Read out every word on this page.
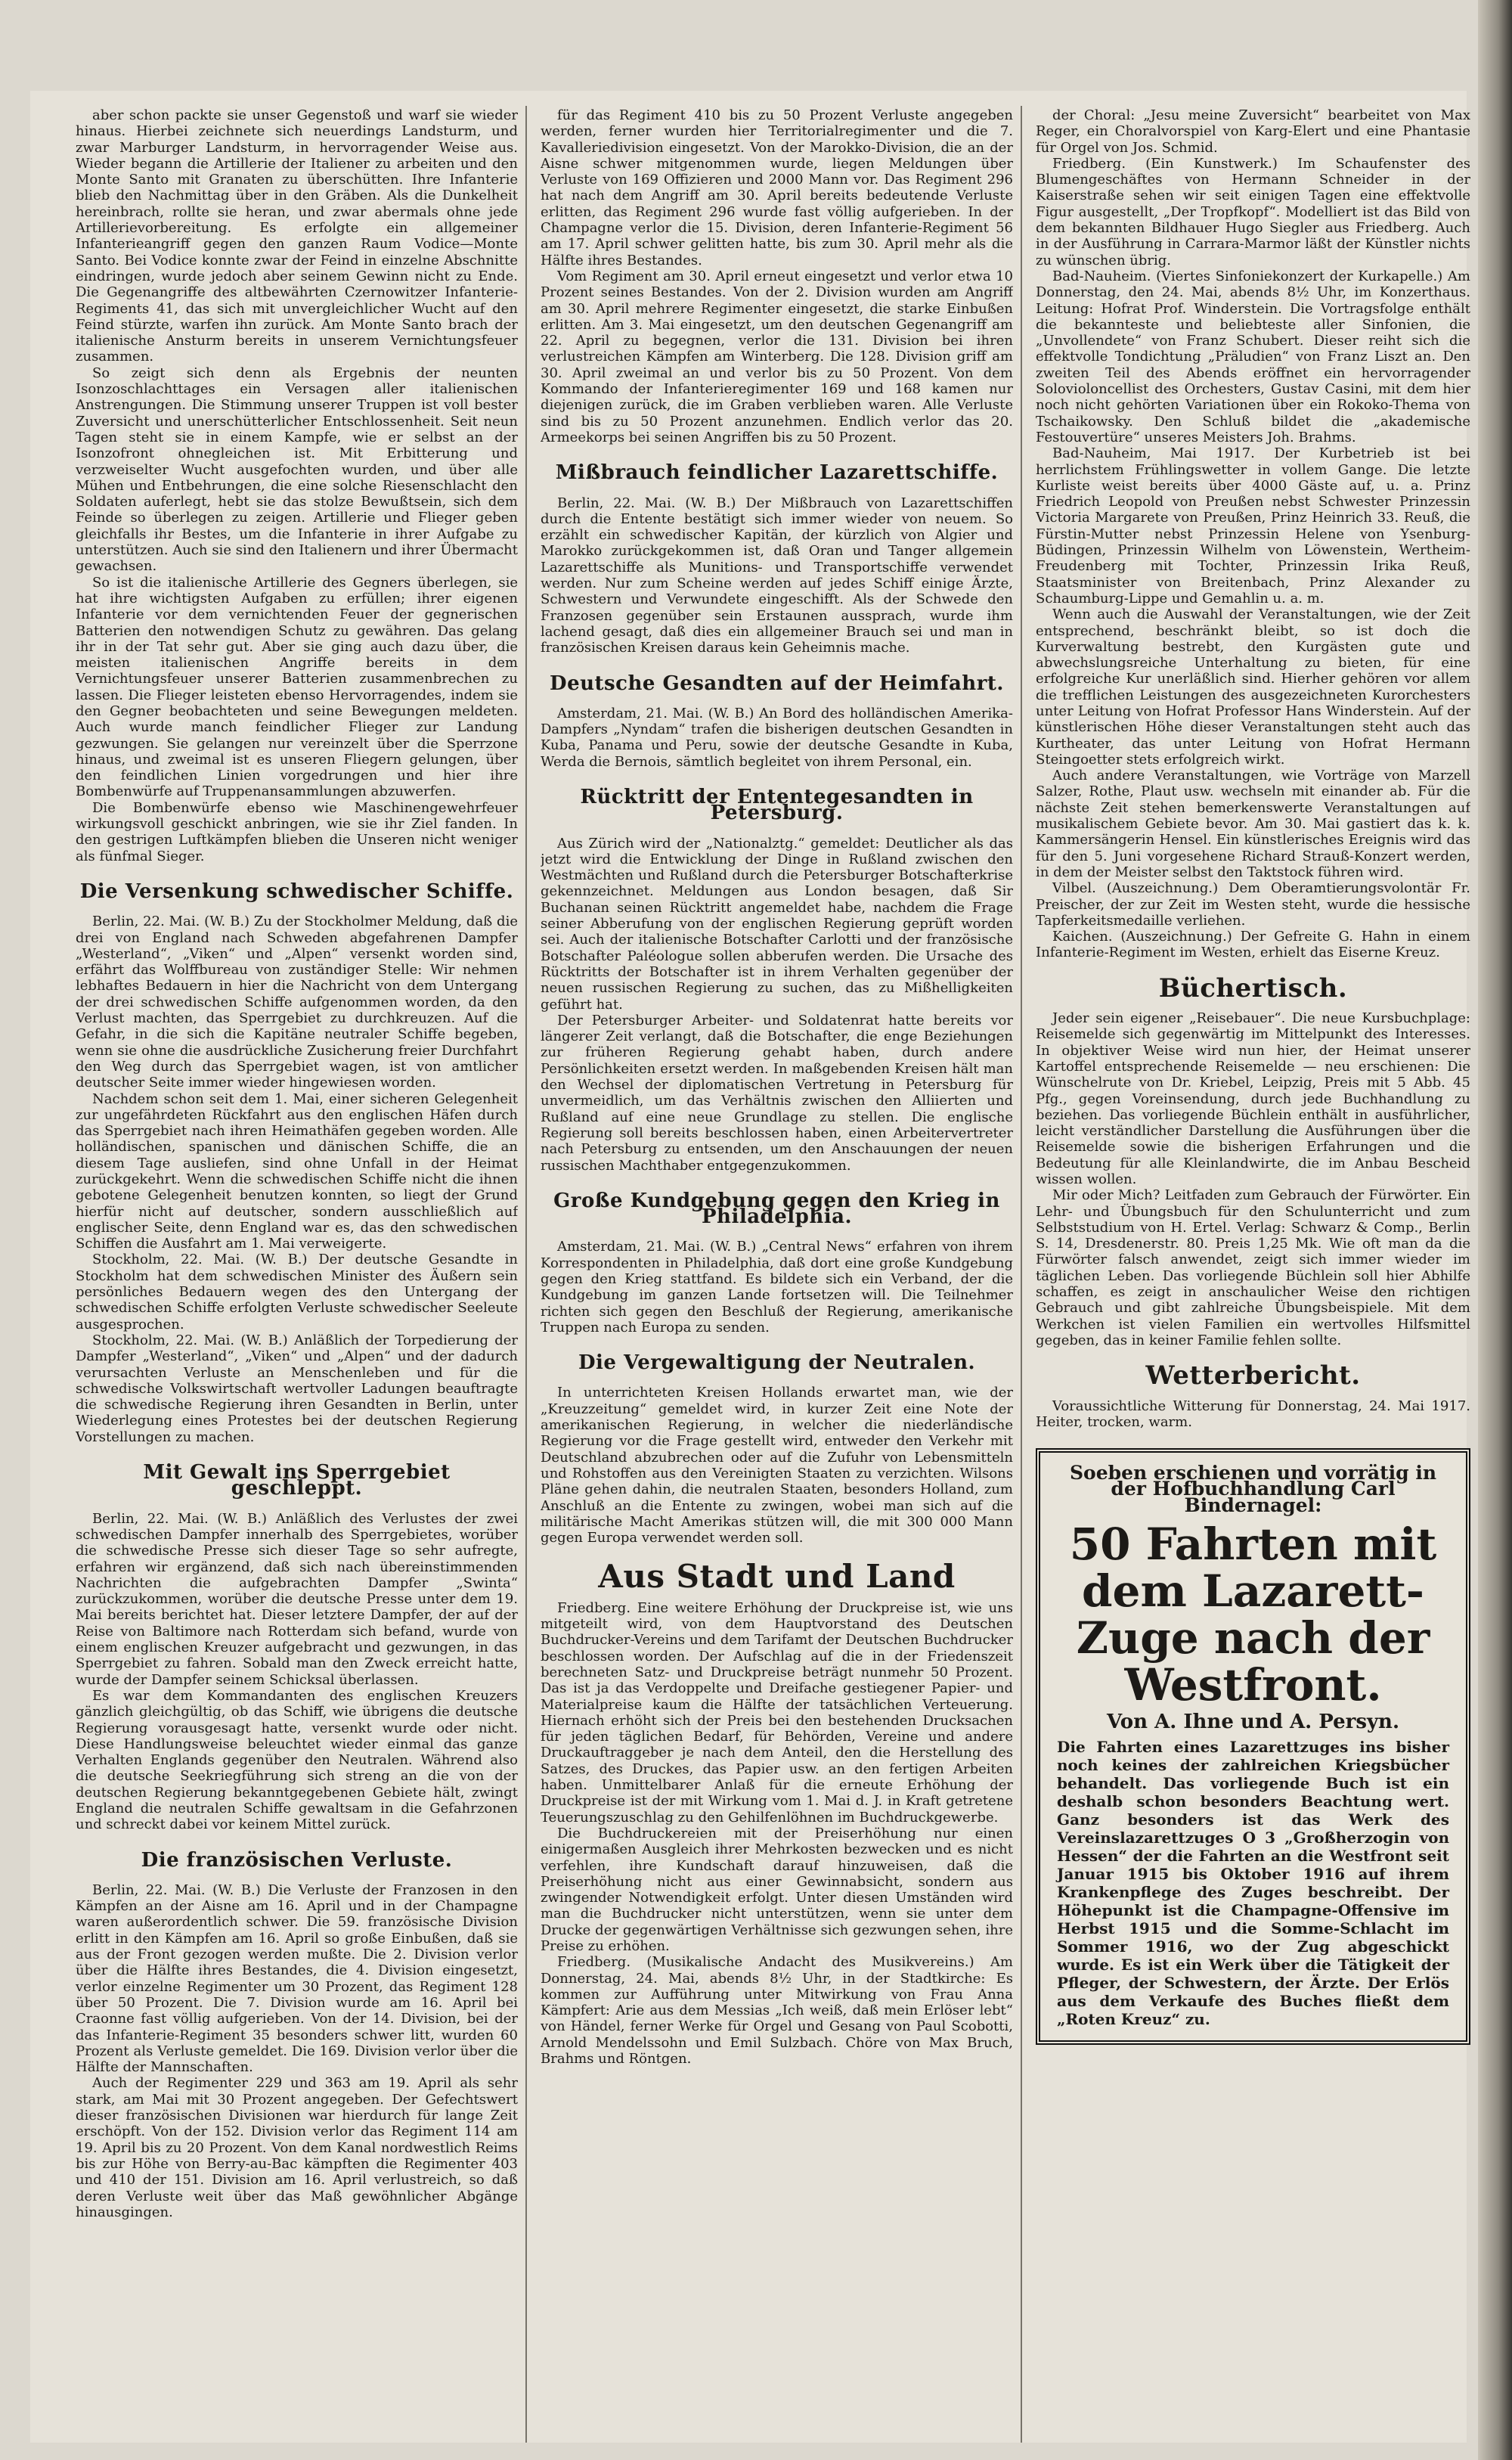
aber schon packte sie unser Gegenstoß und warf sie wieder hinaus. Hierbei zeichnete sich neuerdings Landsturm, und zwar Marburger Landsturm, in hervorragender Weise aus. Wieder begann die Artillerie der Italiener zu arbeiten und den Monte Santo mit Granaten zu überschütten. Ihre Infanterie blieb den Nachmittag über in den Gräben. Als die Dunkelheit hereinbrach, rollte sie heran, und zwar abermals ohne jede Artillerievorbereitung. Es erfolgte ein allgemeiner Infanterieangriff gegen den ganzen Raum Vodice—Monte Santo. Bei Vodice konnte zwar der Feind in einzelne Abschnitte eindringen, wurde jedoch aber seinem Gewinn nicht zu Ende. Die Gegenangriffe des altbewährten Czernowitzer Infanterie-Regiments 41, das sich mit unvergleichlicher Wucht auf den Feind stürzte, warfen ihn zurück. Am Monte Santo brach der italienische Ansturm bereits in unserem Vernichtungsfeuer zusammen.

So zeigt sich denn als Ergebnis der neunten Isonzoschlachttages ein Versagen aller italienischen Anstrengungen. Die Stimmung unserer Truppen ist voll bester Zuversicht und unerschütterlicher Entschlossenheit. Seit neun Tagen steht sie in einem Kampfe, wie er selbst an der Isonzofront ohnegleichen ist. Mit Erbitterung und verzweiselter Wucht ausgefochten wurden, und über alle Mühen und Entbehrungen, die eine solche Riesenschlacht den Soldaten auferlegt, hebt sie das stolze Bewußtsein, sich dem Feinde so überlegen zu zeigen. Artillerie und Flieger geben gleichfalls ihr Bestes, um die Infanterie in ihrer Aufgabe zu unterstützen. Auch sie sind den Italienern und ihrer Übermacht gewachsen.

So ist die italienische Artillerie des Gegners überlegen, sie hat ihre wichtigsten Aufgaben zu erfüllen; ihrer eigenen Infanterie vor dem vernichtenden Feuer der gegnerischen Batterien den notwendigen Schutz zu gewähren. Das gelang ihr in der Tat sehr gut. Aber sie ging auch dazu über, die meisten italienischen Angriffe bereits in dem Vernichtungsfeuer unserer Batterien zusammenbrechen zu lassen. Die Flieger leisteten ebenso Hervorragendes, indem sie den Gegner beobachteten und seine Bewegungen meldeten. Auch wurde manch feindlicher Flieger zur Landung gezwungen. Sie gelangen nur vereinzelt über die Sperrzone hinaus, und zweimal ist es unseren Fliegern gelungen, über den feindlichen Linien vorgedrungen und hier ihre Bombenwürfe auf Truppenansammlungen abzuwerfen.

Die Bombenwürfe ebenso wie Maschinengewehrfeuer wirkungsvoll geschickt anbringen, wie sie ihr Ziel fanden. In den gestrigen Luftkämpfen blieben die Unseren nicht weniger als fünfmal Sieger.

Die Versenkung schwedischer Schiffe.

Berlin, 22. Mai. (W. B.) Zu der Stockholmer Meldung, daß die drei von England nach Schweden abgefahrenen Dampfer „Westerland“, „Viken“ und „Alpen“ versenkt worden sind, erfährt das Wolffbureau von zuständiger Stelle: Wir nehmen lebhaftes Bedauern in hier die Nachricht von dem Untergang der drei schwedischen Schiffe aufgenommen worden, da den Verlust machten, das Sperrgebiet zu durchkreuzen. Auf die Gefahr, in die sich die Kapitäne neutraler Schiffe begeben, wenn sie ohne die ausdrückliche Zusicherung freier Durchfahrt den Weg durch das Sperrgebiet wagen, ist von amtlicher deutscher Seite immer wieder hingewiesen worden.

Nachdem schon seit dem 1. Mai, einer sicheren Gelegenheit zur ungefährdeten Rückfahrt aus den englischen Häfen durch das Sperrgebiet nach ihren Heimathäfen gegeben worden. Alle holländischen, spanischen und dänischen Schiffe, die an diesem Tage ausliefen, sind ohne Unfall in der Heimat zurückgekehrt. Wenn die schwedischen Schiffe nicht die ihnen gebotene Gelegenheit benutzen konnten, so liegt der Grund hierfür nicht auf deutscher, sondern ausschließlich auf englischer Seite, denn England war es, das den schwedischen Schiffen die Ausfahrt am 1. Mai verweigerte.

Stockholm, 22. Mai. (W. B.) Der deutsche Gesandte in Stockholm hat dem schwedischen Minister des Äußern sein persönliches Bedauern wegen des den Untergang der schwedischen Schiffe erfolgten Verluste schwedischer Seeleute ausgesprochen.

Stockholm, 22. Mai. (W. B.) Anläßlich der Torpedierung der Dampfer „Westerland“, „Viken“ und „Alpen“ und der dadurch verursachten Verluste an Menschenleben und für die schwedische Volkswirtschaft wertvoller Ladungen beauftragte die schwedische Regierung ihren Gesandten in Berlin, unter Wiederlegung eines Protestes bei der deutschen Regierung Vorstellungen zu machen.

Mit Gewalt ins Sperrgebiet geschleppt.

Berlin, 22. Mai. (W. B.) Anläßlich des Verlustes der zwei schwedischen Dampfer innerhalb des Sperrgebietes, worüber die schwedische Presse sich dieser Tage so sehr aufregte, erfahren wir ergänzend, daß sich nach übereinstimmenden Nachrichten die aufgebrachten Dampfer „Swinta“ zurückzukommen, worüber die deutsche Presse unter dem 19. Mai bereits berichtet hat. Dieser letztere Dampfer, der auf der Reise von Baltimore nach Rotterdam sich befand, wurde von einem englischen Kreuzer aufgebracht und gezwungen, in das Sperrgebiet zu fahren. Sobald man den Zweck erreicht hatte, wurde der Dampfer seinem Schicksal überlassen.

Es war dem Kommandanten des englischen Kreuzers gänzlich gleichgültig, ob das Schiff, wie übrigens die deutsche Regierung vorausgesagt hatte, versenkt wurde oder nicht. Diese Handlungsweise beleuchtet wieder einmal das ganze Verhalten Englands gegenüber den Neutralen. Während also die deutsche Seekriegführung sich streng an die von der deutschen Regierung bekanntgegebenen Gebiete hält, zwingt England die neutralen Schiffe gewaltsam in die Gefahrzonen und schreckt dabei vor keinem Mittel zurück.

Die französischen Verluste.

Berlin, 22. Mai. (W. B.) Die Verluste der Franzosen in den Kämpfen an der Aisne am 16. April und in der Champagne waren außerordentlich schwer. Die 59. französische Division erlitt in den Kämpfen am 16. April so große Einbußen, daß sie aus der Front gezogen werden mußte. Die 2. Division verlor über die Hälfte ihres Bestandes, die 4. Division eingesetzt, verlor einzelne Regimenter um 30 Prozent, das Regiment 128 über 50 Prozent. Die 7. Division wurde am 16. April bei Craonne fast völlig aufgerieben. Von der 14. Division, bei der das Infanterie-Regiment 35 besonders schwer litt, wurden 60 Prozent als Verluste gemeldet. Die 169. Division verlor über die Hälfte der Mannschaften.

Auch der Regimenter 229 und 363 am 19. April als sehr stark, am Mai mit 30 Prozent angegeben. Der Gefechtswert dieser französischen Divisionen war hierdurch für lange Zeit erschöpft. Von der 152. Division verlor das Regiment 114 am 19. April bis zu 20 Prozent. Von dem Kanal nordwestlich Reims bis zur Höhe von Berry-au-Bac kämpften die Regimenter 403 und 410 der 151. Division am 16. April verlustreich, so daß deren Verluste weit über das Maß gewöhnlicher Abgänge hinausgingen.

für das Regiment 410 bis zu 50 Prozent Verluste angegeben werden, ferner wurden hier Territorialregimenter und die 7. Kavalleriedivision eingesetzt. Von der Marokko-Division, die an der Aisne schwer mitgenommen wurde, liegen Meldungen über Verluste von 169 Offizieren und 2000 Mann vor. Das Regiment 296 hat nach dem Angriff am 30. April bereits bedeutende Verluste erlitten, das Regiment 296 wurde fast völlig aufgerieben. In der Champagne verlor die 15. Division, deren Infanterie-Regiment 56 am 17. April schwer gelitten hatte, bis zum 30. April mehr als die Hälfte ihres Bestandes.

Vom Regiment am 30. April erneut eingesetzt und verlor etwa 10 Prozent seines Bestandes. Von der 2. Division wurden am Angriff am 30. April mehrere Regimenter eingesetzt, die starke Einbußen erlitten. Am 3. Mai eingesetzt, um den deutschen Gegenangriff am 22. April zu begegnen, verlor die 131. Division bei ihren verlustreichen Kämpfen am Winterberg. Die 128. Division griff am 30. April zweimal an und verlor bis zu 50 Prozent. Von dem Kommando der Infanterieregimenter 169 und 168 kamen nur diejenigen zurück, die im Graben verblieben waren. Alle Verluste sind bis zu 50 Prozent anzunehmen. Endlich verlor das 20. Armeekorps bei seinen Angriffen bis zu 50 Prozent.

Mißbrauch feindlicher Lazarettschiffe.

Berlin, 22. Mai. (W. B.) Der Mißbrauch von Lazarettschiffen durch die Entente bestätigt sich immer wieder von neuem. So erzählt ein schwedischer Kapitän, der kürzlich von Algier und Marokko zurückgekommen ist, daß Oran und Tanger allgemein Lazarettschiffe als Munitions- und Transportschiffe verwendet werden. Nur zum Scheine werden auf jedes Schiff einige Ärzte, Schwestern und Verwundete eingeschifft. Als der Schwede den Franzosen gegenüber sein Erstaunen aussprach, wurde ihm lachend gesagt, daß dies ein allgemeiner Brauch sei und man in französischen Kreisen daraus kein Geheimnis mache.

Deutsche Gesandten auf der Heimfahrt.

Amsterdam, 21. Mai. (W. B.) An Bord des holländischen Amerika-Dampfers „Nyndam“ trafen die bisherigen deutschen Gesandten in Kuba, Panama und Peru, sowie der deutsche Gesandte in Kuba, Werda die Bernois, sämtlich begleitet von ihrem Personal, ein.

Rücktritt der Ententegesandten in Petersburg.

Aus Zürich wird der „Nationalztg.“ gemeldet: Deutlicher als das jetzt wird die Entwicklung der Dinge in Rußland zwischen den Westmächten und Rußland durch die Petersburger Botschafterkrise gekennzeichnet. Meldungen aus London besagen, daß Sir Buchanan seinen Rücktritt angemeldet habe, nachdem die Frage seiner Abberufung von der englischen Regierung geprüft worden sei. Auch der italienische Botschafter Carlotti und der französische Botschafter Paléologue sollen abberufen werden. Die Ursache des Rücktritts der Botschafter ist in ihrem Verhalten gegenüber der neuen russischen Regierung zu suchen, das zu Mißhelligkeiten geführt hat.

Der Petersburger Arbeiter- und Soldatenrat hatte bereits vor längerer Zeit verlangt, daß die Botschafter, die enge Beziehungen zur früheren Regierung gehabt haben, durch andere Persönlichkeiten ersetzt werden. In maßgebenden Kreisen hält man den Wechsel der diplomatischen Vertretung in Petersburg für unvermeidlich, um das Verhältnis zwischen den Alliierten und Rußland auf eine neue Grundlage zu stellen. Die englische Regierung soll bereits beschlossen haben, einen Arbeitervertreter nach Petersburg zu entsenden, um den Anschauungen der neuen russischen Machthaber entgegenzukommen.

Große Kundgebung gegen den Krieg in Philadelphia.

Amsterdam, 21. Mai. (W. B.) „Central News“ erfahren von ihrem Korrespondenten in Philadelphia, daß dort eine große Kundgebung gegen den Krieg stattfand. Es bildete sich ein Verband, der die Kundgebung im ganzen Lande fortsetzen will. Die Teilnehmer richten sich gegen den Beschluß der Regierung, amerikanische Truppen nach Europa zu senden.

Die Vergewaltigung der Neutralen.

In unterrichteten Kreisen Hollands erwartet man, wie der „Kreuzzeitung“ gemeldet wird, in kurzer Zeit eine Note der amerikanischen Regierung, in welcher die niederländische Regierung vor die Frage gestellt wird, entweder den Verkehr mit Deutschland abzubrechen oder auf die Zufuhr von Lebensmitteln und Rohstoffen aus den Vereinigten Staaten zu verzichten. Wilsons Pläne gehen dahin, die neutralen Staaten, besonders Holland, zum Anschluß an die Entente zu zwingen, wobei man sich auf die militärische Macht Amerikas stützen will, die mit 300 000 Mann gegen Europa verwendet werden soll.

Aus Stadt und Land

Friedberg. Eine weitere Erhöhung der Druckpreise ist, wie uns mitgeteilt wird, von dem Hauptvorstand des Deutschen Buchdrucker-Vereins und dem Tarifamt der Deutschen Buchdrucker beschlossen worden. Der Aufschlag auf die in der Friedenszeit berechneten Satz- und Druckpreise beträgt nunmehr 50 Prozent. Das ist ja das Verdoppelte und Dreifache gestiegener Papier- und Materialpreise kaum die Hälfte der tatsächlichen Verteuerung. Hiernach erhöht sich der Preis bei den bestehenden Drucksachen für jeden täglichen Bedarf, für Behörden, Vereine und andere Druckauftraggeber je nach dem Anteil, den die Herstellung des Satzes, des Druckes, das Papier usw. an den fertigen Arbeiten haben. Unmittelbarer Anlaß für die erneute Erhöhung der Druckpreise ist der mit Wirkung vom 1. Mai d. J. in Kraft getretene Teuerungszuschlag zu den Gehilfenlöhnen im Buchdruckgewerbe.

Die Buchdruckereien mit der Preiserhöhung nur einen einigermaßen Ausgleich ihrer Mehrkosten bezwecken und es nicht verfehlen, ihre Kundschaft darauf hinzuweisen, daß die Preiserhöhung nicht aus einer Gewinnabsicht, sondern aus zwingender Notwendigkeit erfolgt. Unter diesen Umständen wird man die Buchdrucker nicht unterstützen, wenn sie unter dem Drucke der gegenwärtigen Verhältnisse sich gezwungen sehen, ihre Preise zu erhöhen.

Friedberg. (Musikalische Andacht des Musikvereins.) Am Donnerstag, 24. Mai, abends 8½ Uhr, in der Stadtkirche: Es kommen zur Aufführung unter Mitwirkung von Frau Anna Kämpfert: Arie aus dem Messias „Ich weiß, daß mein Erlöser lebt“ von Händel, ferner Werke für Orgel und Gesang von Paul Scobotti, Arnold Mendelssohn und Emil Sulzbach. Chöre von Max Bruch, Brahms und Röntgen.

der Choral: „Jesu meine Zuversicht“ bearbeitet von Max Reger, ein Choralvorspiel von Karg-Elert und eine Phantasie für Orgel von Jos. Schmid.

Friedberg. (Ein Kunstwerk.) Im Schaufenster des Blumengeschäftes von Hermann Schneider in der Kaiserstraße sehen wir seit einigen Tagen eine effektvolle Figur ausgestellt, „Der Tropfkopf“. Modelliert ist das Bild von dem bekannten Bildhauer Hugo Siegler aus Friedberg. Auch in der Ausführung in Carrara-Marmor läßt der Künstler nichts zu wünschen übrig.

Bad-Nauheim. (Viertes Sinfoniekonzert der Kurkapelle.) Am Donnerstag, den 24. Mai, abends 8½ Uhr, im Konzerthaus. Leitung: Hofrat Prof. Winderstein. Die Vortragsfolge enthält die bekannteste und beliebteste aller Sinfonien, die „Unvollendete“ von Franz Schubert. Dieser reiht sich die effektvolle Tondichtung „Präludien“ von Franz Liszt an. Den zweiten Teil des Abends eröffnet ein hervorragender Solovioloncellist des Orchesters, Gustav Casini, mit dem hier noch nicht gehörten Variationen über ein Rokoko-Thema von Tschaikowsky. Den Schluß bildet die „akademische Festouvertüre“ unseres Meisters Joh. Brahms.

Bad-Nauheim, Mai 1917. Der Kurbetrieb ist bei herrlichstem Frühlingswetter in vollem Gange. Die letzte Kurliste weist bereits über 4000 Gäste auf, u. a. Prinz Friedrich Leopold von Preußen nebst Schwester Prinzessin Victoria Margarete von Preußen, Prinz Heinrich 33. Reuß, die Fürstin-Mutter nebst Prinzessin Helene von Ysenburg-Büdingen, Prinzessin Wilhelm von Löwenstein, Wertheim-Freudenberg mit Tochter, Prinzessin Irika Reuß, Staatsminister von Breitenbach, Prinz Alexander zu Schaumburg-Lippe und Gemahlin u. a. m.

Wenn auch die Auswahl der Veranstaltungen, wie der Zeit entsprechend, beschränkt bleibt, so ist doch die Kurverwaltung bestrebt, den Kurgästen gute und abwechslungsreiche Unterhaltung zu bieten, für eine erfolgreiche Kur unerläßlich sind. Hierher gehören vor allem die trefflichen Leistungen des ausgezeichneten Kurorchesters unter Leitung von Hofrat Professor Hans Winderstein. Auf der künstlerischen Höhe dieser Veranstaltungen steht auch das Kurtheater, das unter Leitung von Hofrat Hermann Steingoetter stets erfolgreich wirkt.

Auch andere Veranstaltungen, wie Vorträge von Marzell Salzer, Rothe, Plaut usw. wechseln mit einander ab. Für die nächste Zeit stehen bemerkenswerte Veranstaltungen auf musikalischem Gebiete bevor. Am 30. Mai gastiert das k. k. Kammersängerin Hensel. Ein künstlerisches Ereignis wird das für den 5. Juni vorgesehene Richard Strauß-Konzert werden, in dem der Meister selbst den Taktstock führen wird.

Vilbel. (Auszeichnung.) Dem Oberamtierungsvolontär Fr. Preischer, der zur Zeit im Westen steht, wurde die hessische Tapferkeitsmedaille verliehen.

Kaichen. (Auszeichnung.) Der Gefreite G. Hahn in einem Infanterie-Regiment im Westen, erhielt das Eiserne Kreuz.

Büchertisch.

Jeder sein eigener „Reisebauer“. Die neue Kursbuchplage: Reisemelde sich gegenwärtig im Mittelpunkt des Interesses. In objektiver Weise wird nun hier, der Heimat unserer Kartoffel entsprechende Reisemelde — neu erschienen: Die Wünschelrute von Dr. Kriebel, Leipzig, Preis mit 5 Abb. 45 Pfg., gegen Voreinsendung, durch jede Buchhandlung zu beziehen. Das vorliegende Büchlein enthält in ausführlicher, leicht verständlicher Darstellung die Ausführungen über die Reisemelde sowie die bisherigen Erfahrungen und die Bedeutung für alle Kleinlandwirte, die im Anbau Bescheid wissen wollen.

Mir oder Mich? Leitfaden zum Gebrauch der Fürwörter. Ein Lehr- und Übungsbuch für den Schulunterricht und zum Selbststudium von H. Ertel. Verlag: Schwarz & Comp., Berlin S. 14, Dresdenerstr. 80. Preis 1,25 Mk. Wie oft man da die Fürwörter falsch anwendet, zeigt sich immer wieder im täglichen Leben. Das vorliegende Büchlein soll hier Abhilfe schaffen, es zeigt in anschaulicher Weise den richtigen Gebrauch und gibt zahlreiche Übungsbeispiele. Mit dem Werkchen ist vielen Familien ein wertvolles Hilfsmittel gegeben, das in keiner Familie fehlen sollte.

Wetterbericht.

Voraussichtliche Witterung für Donnerstag, 24. Mai 1917. Heiter, trocken, warm.

Soeben erschienen und vorrätig in der Hofbuchhandlung Carl Bindernagel:
50 Fahrten mit dem Lazarett-Zuge nach der Westfront.
Von A. Ihne und A. Persyn.
Die Fahrten eines Lazarettzuges ins bisher noch keines der zahlreichen Kriegsbücher behandelt. Das vorliegende Buch ist ein deshalb schon besonders Beachtung wert. Ganz besonders ist das Werk des Vereinslazarettzuges O 3 „Großherzogin von Hessen“ der die Fahrten an die Westfront seit Januar 1915 bis Oktober 1916 auf ihrem Krankenpflege des Zuges beschreibt. Der Höhepunkt ist die Champagne-Offensive im Herbst 1915 und die Somme-Schlacht im Sommer 1916, wo der Zug abgeschickt wurde. Es ist ein Werk über die Tätigkeit der Pfleger, der Schwestern, der Ärzte. Der Erlös aus dem Verkaufe des Buches fließt dem „Roten Kreuz“ zu.
